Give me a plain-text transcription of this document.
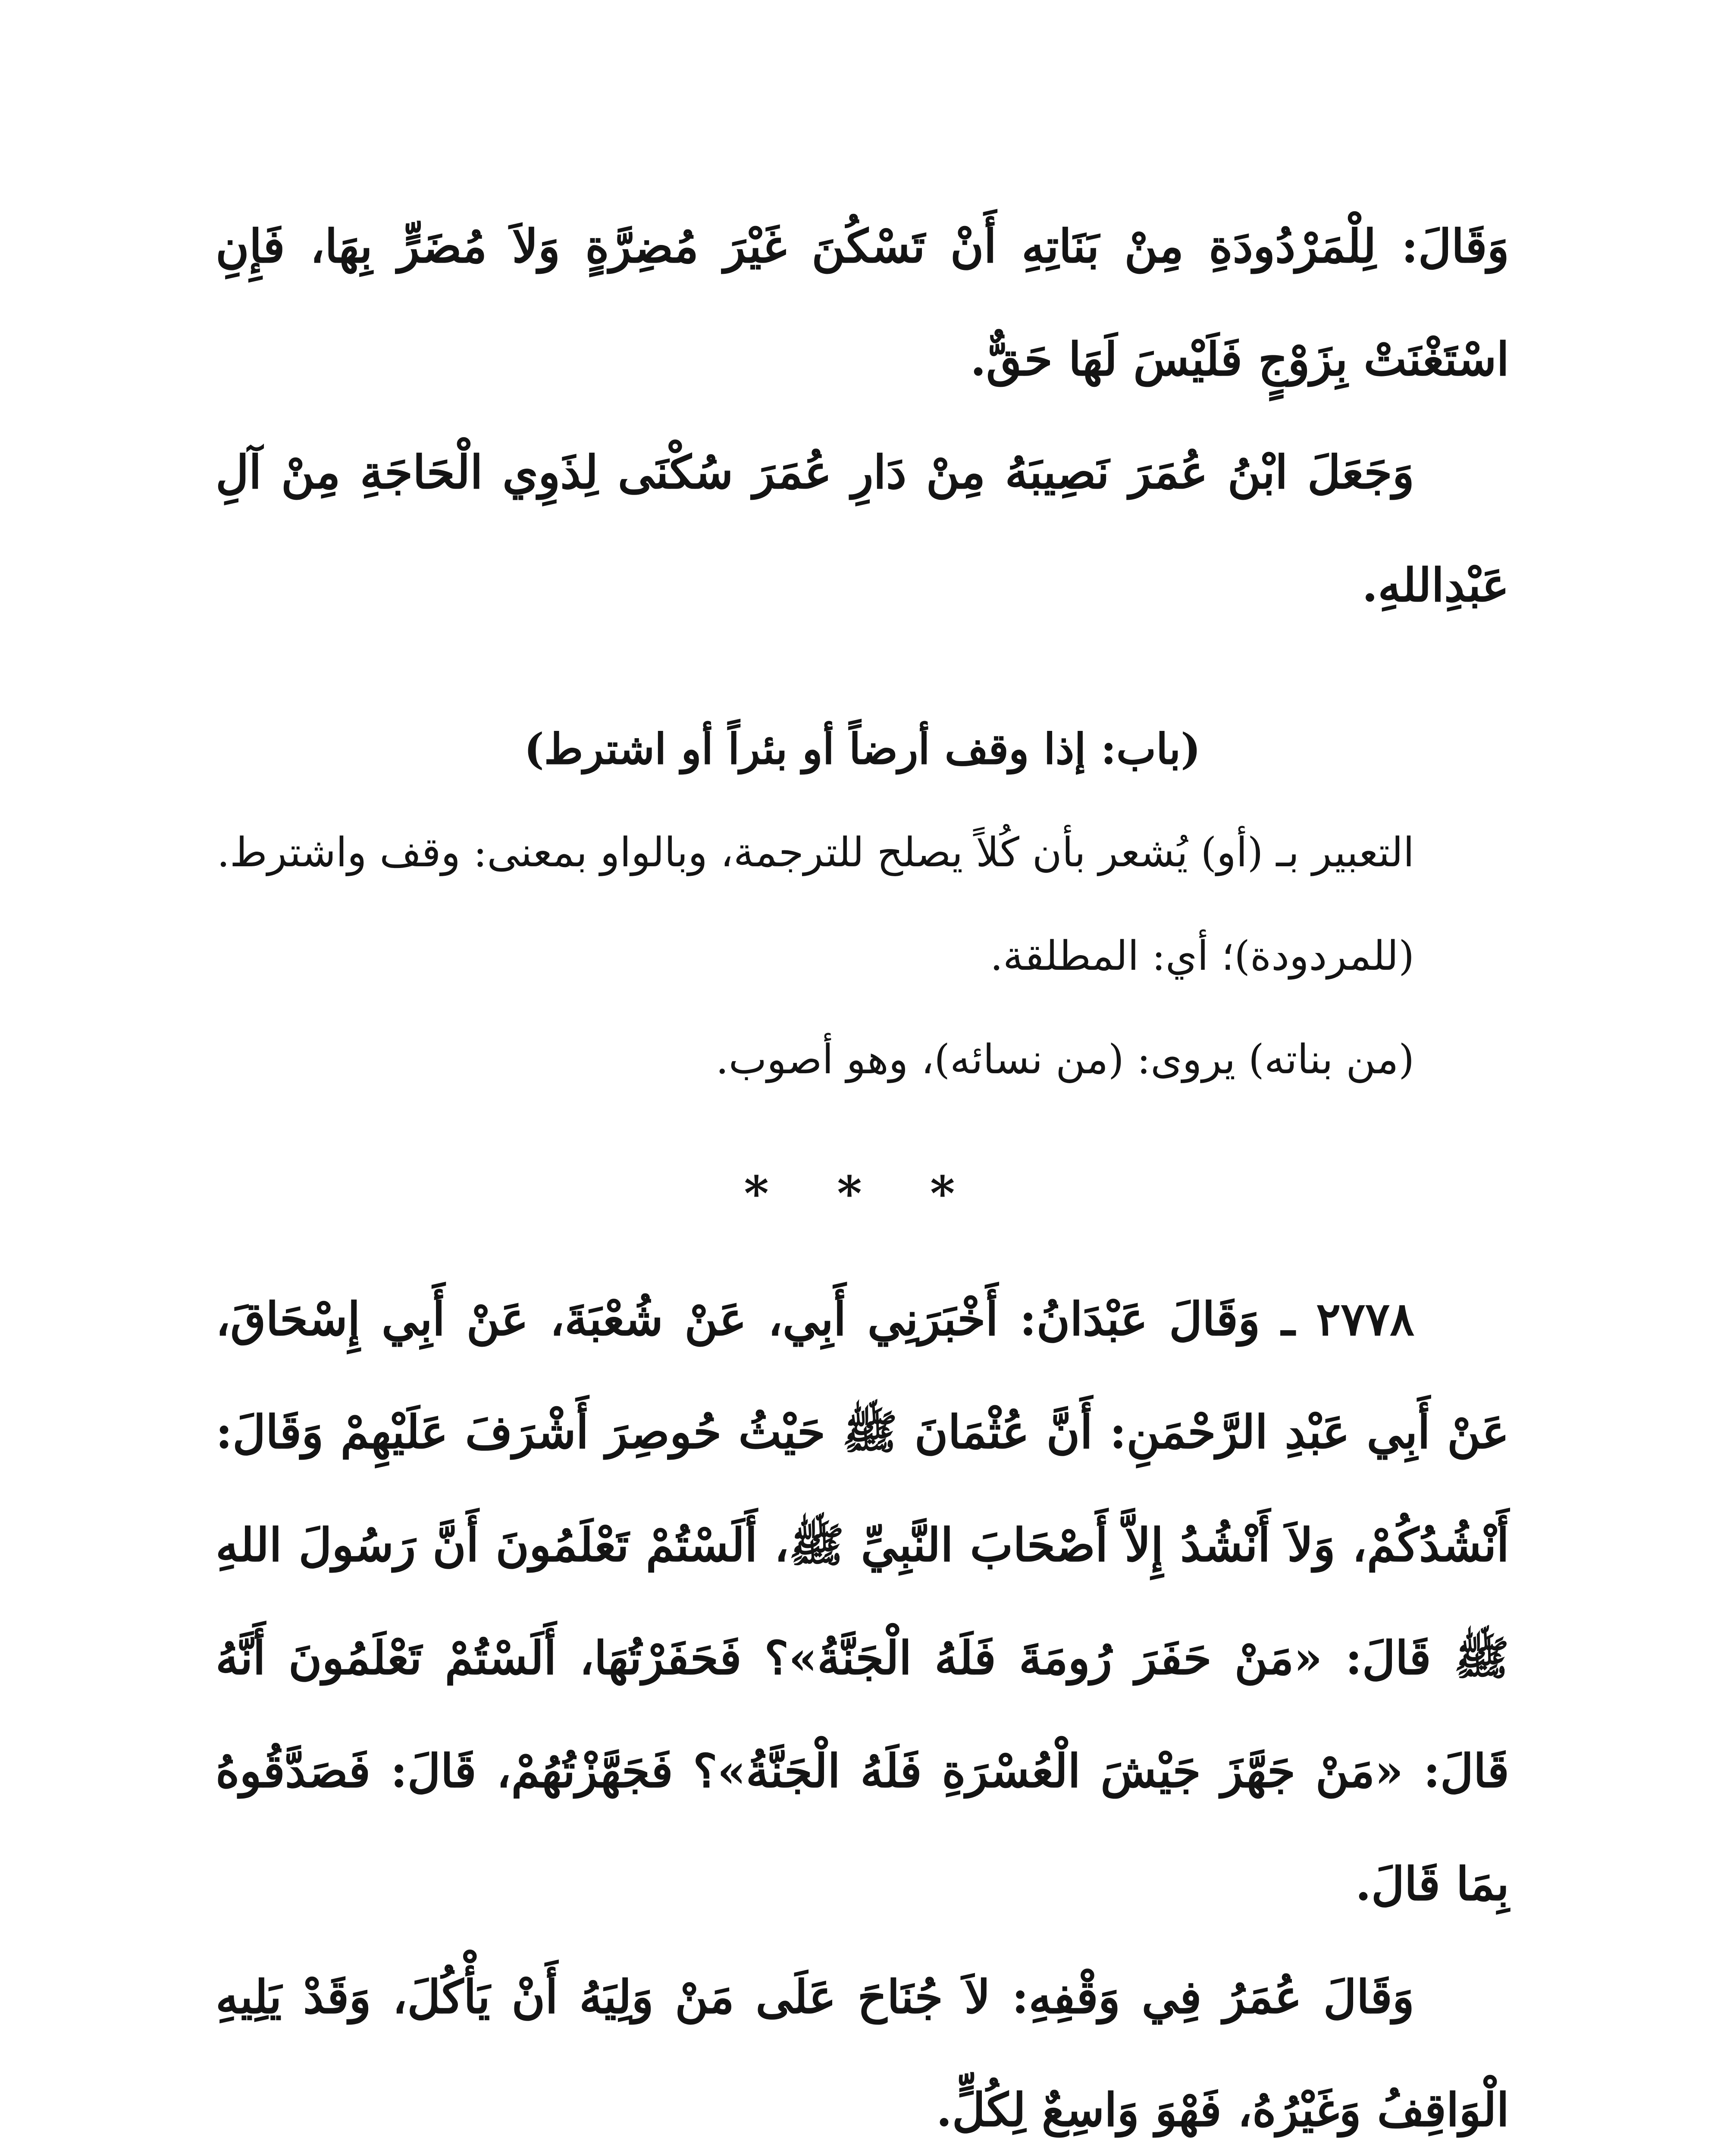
وَقَالَ: لِلْمَرْدُودَةِ مِنْ بَنَاتِهِ أَنْ تَسْكُنَ غَيْرَ مُضِرَّةٍ وَلاَ مُضَرٍّ بِهَا، فَإِنِ اسْتَغْنَتْ بِزَوْجٍ فَلَيْسَ لَهَا حَقٌّ.

وَجَعَلَ ابْنُ عُمَرَ نَصِيبَهُ مِنْ دَارِ عُمَرَ سُكْنَى لِذَوِي الْحَاجَةِ مِنْ آلِ عَبْدِاللهِ.

(باب: إذا وقف أرضاً أو بئراً أو اشترط)

التعبير بـ (أو) يُشعر بأن كُلاً يصلح للترجمة، وبالواو بمعنى: وقف واشترط.

(للمردودة)؛ أي: المطلقة.

(من بناته) يروى: (من نسائه)، وهو أصوب.

* * *

٢٧٧٨ ـ وَقَالَ عَبْدَانُ: أَخْبَرَنِي أَبِي، عَنْ شُعْبَةَ، عَنْ أَبِي إِسْحَاقَ، عَنْ أَبِي عَبْدِ الرَّحْمَنِ: أَنَّ عُثْمَانَ ﷺ حَيْثُ حُوصِرَ أَشْرَفَ عَلَيْهِمْ وَقَالَ: أَنْشُدُكُمْ، وَلاَ أَنْشُدُ إِلاَّ أَصْحَابَ النَّبِيِّ ﷺ، أَلَسْتُمْ تَعْلَمُونَ أَنَّ رَسُولَ اللهِ ﷺ قَالَ: «مَنْ حَفَرَ رُومَةَ فَلَهُ الْجَنَّةُ»؟ فَحَفَرْتُهَا، أَلَسْتُمْ تَعْلَمُونَ أَنَّهُ قَالَ: «مَنْ جَهَّزَ جَيْشَ الْعُسْرَةِ فَلَهُ الْجَنَّةُ»؟ فَجَهَّزْتُهُمْ، قَالَ: فَصَدَّقُوهُ بِمَا قَالَ.

وَقَالَ عُمَرُ فِي وَقْفِهِ: لاَ جُنَاحَ عَلَى مَنْ وَلِيَهُ أَنْ يَأْكُلَ، وَقَدْ يَلِيهِ الْوَاقِفُ وَغَيْرُهُ، فَهْوَ وَاسِعٌ لِكُلٍّ.
